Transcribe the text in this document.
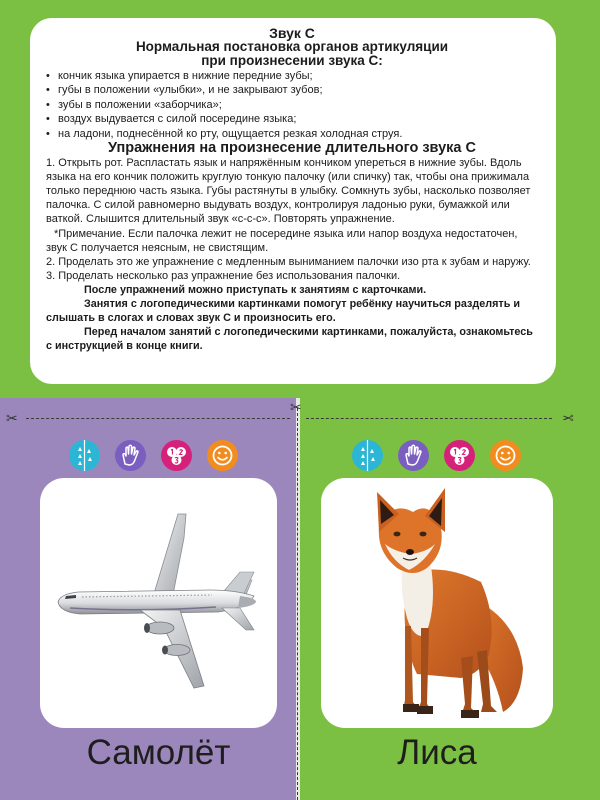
Звук С

Нормальная постановка органов артикуляции

при произнесении звука С:

• кончик языка упирается в нижние передние зубы;
• губы в положении «улыбки», и не закрывают зубов;
• зубы в положении «заборчика»;
• воздух выдувается с силой посередине языка;
• на ладони, поднесённой ко рту, ощущается резкая холодная струя.

Упражнения на произнесение длительного звука С

1. Открыть рот. Распластать язык и напряжённым кончиком упереться в нижние зубы. Вдоль языка на его кончик положить круглую тонкую палочку (или спичку) так, чтобы она прижимала только переднюю часть языка. Губы растянуты в улыбку. Сомкнуть зубы, насколько позволяет палочка. С силой равномерно выдувать воздух, контролируя ладонью руки, бумажкой или ваткой. Слышится длительный звук «с-с-с». Повторять упражнение.

*Примечание. Если палочка лежит не посередине языка или напор воздуха недостаточен, звук С получается неясным, не свистящим.

2. Проделать это же упражнение с медленным выниманием палочки изо рта к зубам и наружу.

3. Проделать несколько раз упражнение без использования палочки.

После упражнений можно приступать к занятиям с карточками.

Занятия с логопедическими картинками помогут ребёнку научиться разделять и слышать в слогах и словах звук С и произносить его.

Перед началом занятий с логопедическими картинками, пожалуйста, ознакомьтесь с инструкцией в конце книги.

✂
✂
✂
Самолёт	Лиса
